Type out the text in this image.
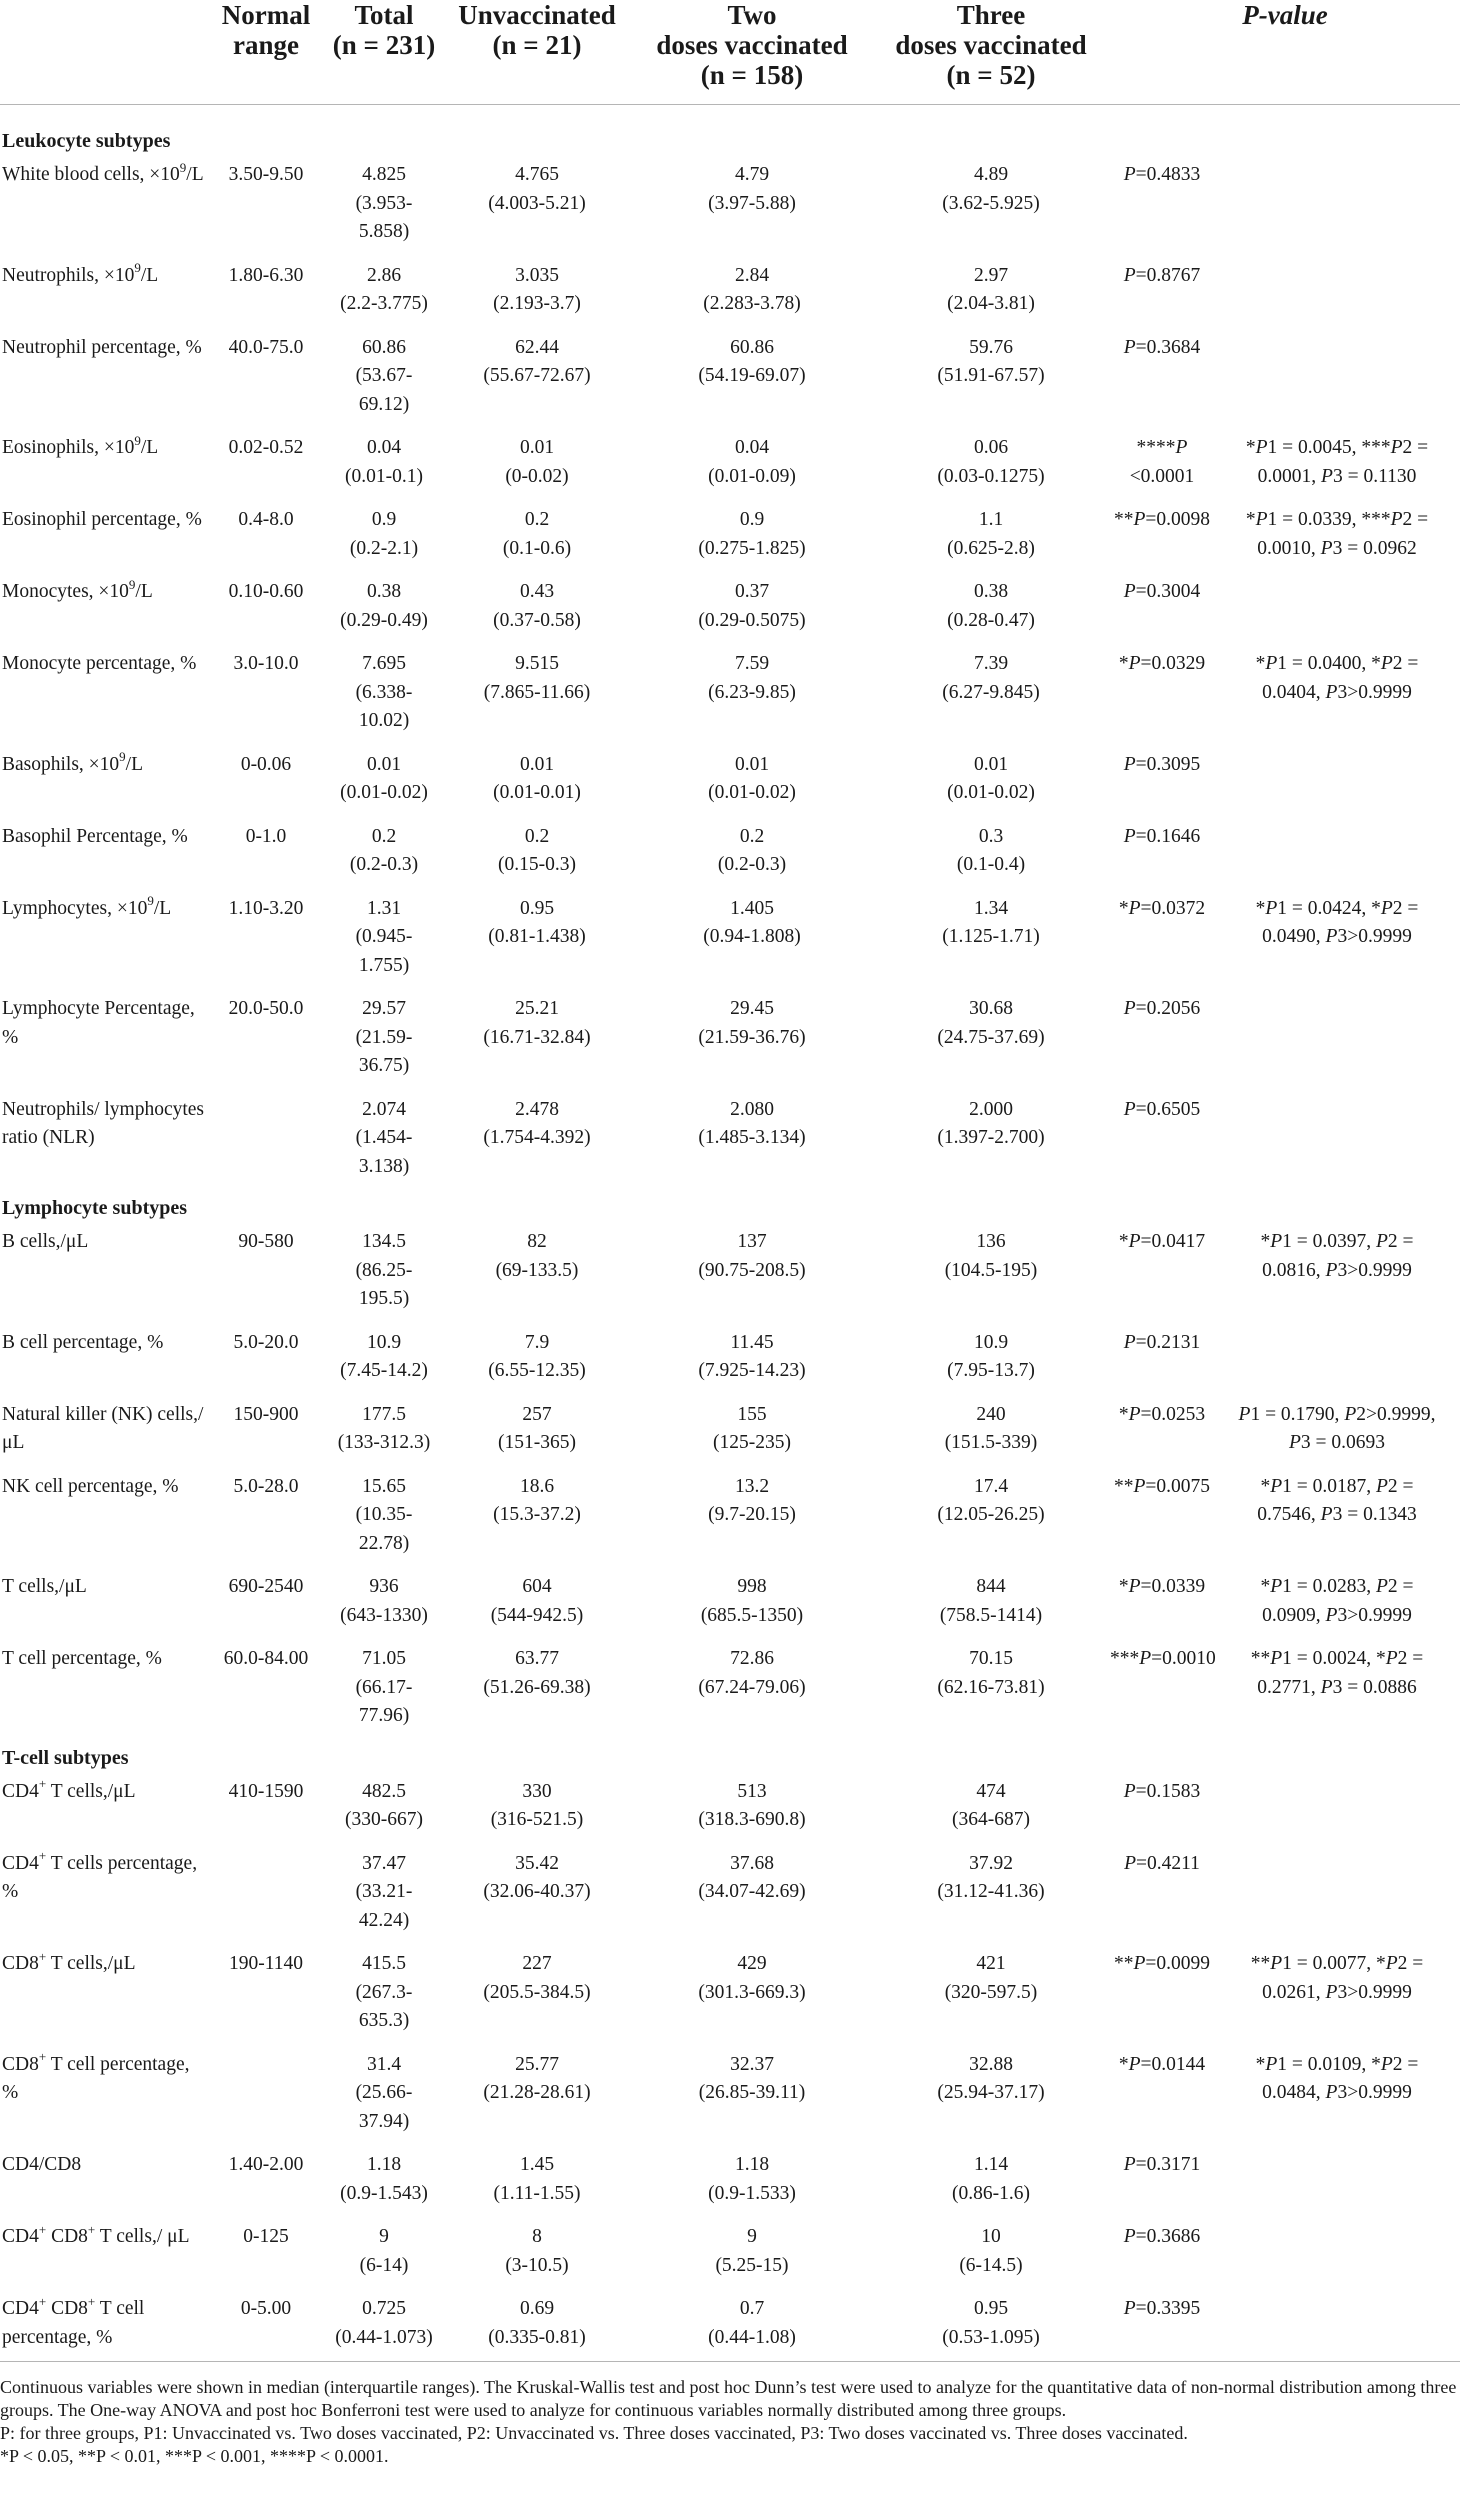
	Normal
range	Total
(n = 231)	Unvaccinated
(n = 21)	Two
doses vaccinated
(n = 158)	Three
doses vaccinated
(n = 52)	P-value	

Leukocyte subtypes							
White blood cells, $\times 10^9/L$	3.50-9.50	4.825
(3.953-
5.858)	4.765
(4.003-5.21)	4.79
(3.97-5.88)	4.89
(3.62-5.925)	P=0.4833	
Neutrophils, $\times 10^9/L$	1.80-6.30	2.86
(2.2-3.775)	3.035
(2.193-3.7)	2.84
(2.283-3.78)	2.97
(2.04-3.81)	P=0.8767	
Neutrophil percentage, %	40.0-75.0	60.86
(53.67-
69.12)	62.44
(55.67-72.67)	60.86
(54.19-69.07)	59.76
(51.91-67.57)	P=0.3684	
Eosinophils, $\times 10^9/L$	0.02-0.52	0.04
(0.01-0.1)	0.01
(0-0.02)	0.04
(0.01-0.09)	0.06
(0.03-0.1275)	****P
<0.0001	*P1 = 0.0045, ***P2 =
0.0001, P3 = 0.1130
Eosinophil percentage, %	0.4-8.0	0.9
(0.2-2.1)	0.2
(0.1-0.6)	0.9
(0.275-1.825)	1.1
(0.625-2.8)	**P=0.0098	*P1 = 0.0339, ***P2 =
0.0010, P3 = 0.0962
Monocytes, $\times 10^9/L$	0.10-0.60	0.38
(0.29-0.49)	0.43
(0.37-0.58)	0.37
(0.29-0.5075)	0.38
(0.28-0.47)	P=0.3004	
Monocyte percentage, %	3.0-10.0	7.695
(6.338-
10.02)	9.515
(7.865-11.66)	7.59
(6.23-9.85)	7.39
(6.27-9.845)	*P=0.0329	*P1 = 0.0400, *P2 =
0.0404, P3>0.9999
Basophils, $\times 10^9/L$	0-0.06	0.01
(0.01-0.02)	0.01
(0.01-0.01)	0.01
(0.01-0.02)	0.01
(0.01-0.02)	P=0.3095	
Basophil Percentage, %	0-1.0	0.2
(0.2-0.3)	0.2
(0.15-0.3)	0.2
(0.2-0.3)	0.3
(0.1-0.4)	P=0.1646	
Lymphocytes, $\times 10^9/L$	1.10-3.20	1.31
(0.945-
1.755)	0.95
(0.81-1.438)	1.405
(0.94-1.808)	1.34
(1.125-1.71)	*P=0.0372	*P1 = 0.0424, *P2 =
0.0490, P3>0.9999
Lymphocyte Percentage, %	20.0-50.0	29.57
(21.59-
36.75)	25.21
(16.71-32.84)	29.45
(21.59-36.76)	30.68
(24.75-37.69)	P=0.2056	
Neutrophils/ lymphocytes ratio (NLR)		2.074
(1.454-
3.138)	2.478
(1.754-4.392)	2.080
(1.485-3.134)	2.000
(1.397-2.700)	P=0.6505	
Lymphocyte subtypes							
B cells,/μL	90-580	134.5
(86.25-
195.5)	82
(69-133.5)	137
(90.75-208.5)	136
(104.5-195)	*P=0.0417	*P1 = 0.0397, P2 =
0.0816, P3>0.9999
B cell percentage, %	5.0-20.0	10.9
(7.45-14.2)	7.9
(6.55-12.35)	11.45
(7.925-14.23)	10.9
(7.95-13.7)	P=0.2131	
Natural killer (NK) cells,/μL	150-900	177.5
(133-312.3)	257
(151-365)	155
(125-235)	240
(151.5-339)	*P=0.0253	P1 = 0.1790, P2>0.9999,
P3 = 0.0693
NK cell percentage, %	5.0-28.0	15.65
(10.35-
22.78)	18.6
(15.3-37.2)	13.2
(9.7-20.15)	17.4
(12.05-26.25)	**P=0.0075	*P1 = 0.0187, P2 =
0.7546, P3 = 0.1343
T cells,/μL	690-2540	936
(643-1330)	604
(544-942.5)	998
(685.5-1350)	844
(758.5-1414)	*P=0.0339	*P1 = 0.0283, P2 =
0.0909, P3>0.9999
T cell percentage, %	60.0-84.00	71.05
(66.17-
77.96)	63.77
(51.26-69.38)	72.86
(67.24-79.06)	70.15
(62.16-73.81)	***P=0.0010	**P1 = 0.0024, *P2 =
0.2771, P3 = 0.0886
T-cell subtypes							
CD4+ T cells,/μL	410-1590	482.5
(330-667)	330
(316-521.5)	513
(318.3-690.8)	474
(364-687)	P=0.1583	
CD4+ T cells percentage, %		37.47
(33.21-
42.24)	35.42
(32.06-40.37)	37.68
(34.07-42.69)	37.92
(31.12-41.36)	P=0.4211	
CD8+ T cells,/μL	190-1140	415.5
(267.3-
635.3)	227
(205.5-384.5)	429
(301.3-669.3)	421
(320-597.5)	**P=0.0099	**P1 = 0.0077, *P2 =
0.0261, P3>0.9999
CD8+ T cell percentage, %		31.4
(25.66-
37.94)	25.77
(21.28-28.61)	32.37
(26.85-39.11)	32.88
(25.94-37.17)	*P=0.0144	*P1 = 0.0109, *P2 =
0.0484, P3>0.9999
CD4/CD8	1.40-2.00	1.18
(0.9-1.543)	1.45
(1.11-1.55)	1.18
(0.9-1.533)	1.14
(0.86-1.6)	P=0.3171	
CD4+ CD8+ T cells,/ μL	0-125	9
(6-14)	8
(3-10.5)	9
(5.25-15)	10
(6-14.5)	P=0.3686	
CD4+ CD8+ T cell percentage, %	0-5.00	0.725
(0.44-1.073)	0.69
(0.335-0.81)	0.7
(0.44-1.08)	0.95
(0.53-1.095)	P=0.3395	

Continuous variables were shown in median (interquartile ranges). The Kruskal-Wallis test and post hoc Dunn’s test were used to analyze for the quantitative data of non-normal distribution among three groups. The One-way ANOVA and post hoc Bonferroni test were used to analyze for continuous variables normally distributed among three groups.							
P: for three groups, P1: Unvaccinated vs. Two doses vaccinated, P2: Unvaccinated vs. Three doses vaccinated, P3: Two doses vaccinated vs. Three doses vaccinated.							
*P < 0.05, **P < 0.01, ***P < 0.001, ****P < 0.0001.							
